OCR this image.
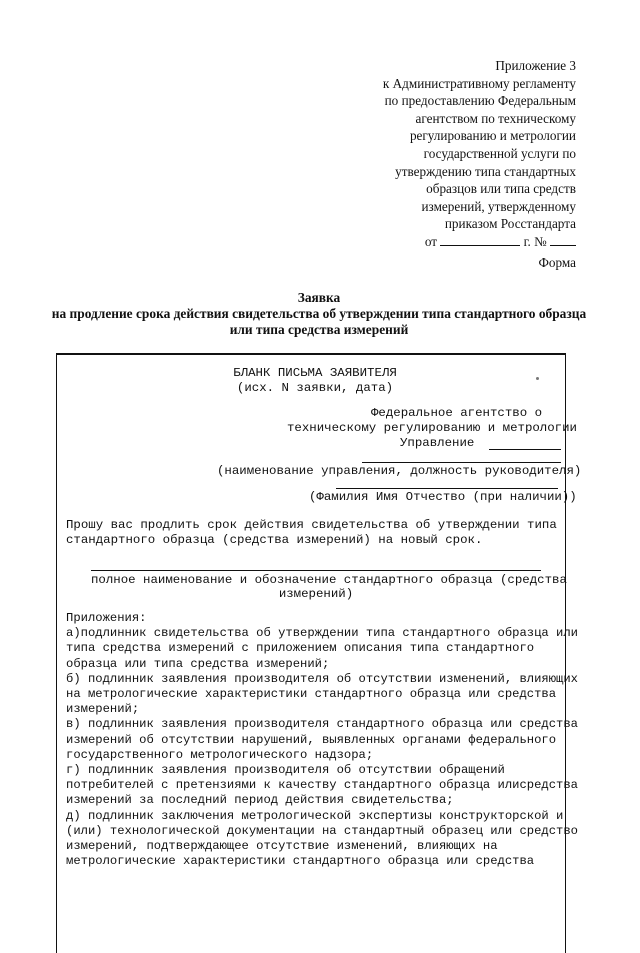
Приложение 3
к Административному регламенту
по предоставлению Федеральным
агентством по техническому
регулированию и метрологии
государственной услуги по
утверждению типа стандартных
образцов или типа средств
измерений, утвержденному
приказом Росстандарта
от	г. №
Форма
Заявка
на продление срока действия свидетельства об утверждении типа стандартного образца
или типа средства измерений
БЛАНК ПИСЬМА ЗАЯВИТЕЛЯ
(исх. N заявки, дата)
Федеральное агентство о
техническому регулированию и метрологии
Управление
(наименование управления, должность руководителя)
(Фамилия Имя Отчество (при наличии))
Прошу вас продлить срок действия свидетельства об утверждении типа
стандартного образца (средства измерений) на новый срок.
полное наименование и обозначение стандартного образца (средства
измерений)
Приложения:
а)подлинник свидетельства об утверждении типа стандартного образца или
типа средства измерений с приложением описания типа стандартного
образца или типа средства измерений;
б) подлинник заявления производителя об отсутствии изменений, влияющих
на метрологические характеристики стандартного образца или средства
измерений;
в) подлинник заявления производителя стандартного образца или средства
измерений об отсутствии нарушений, выявленных органами федерального
государственного метрологического надзора;
г) подлинник заявления производителя об отсутствии обращений
потребителей с претензиями к качеству стандартного образца илисредства
измерений за последний период действия свидетельства;
д) подлинник заключения метрологической экспертизы конструкторской и
(или) технологической документации на стандартный образец или средство
измерений, подтверждающее отсутствие изменений, влияющих на
метрологические характеристики стандартного образца или средства
